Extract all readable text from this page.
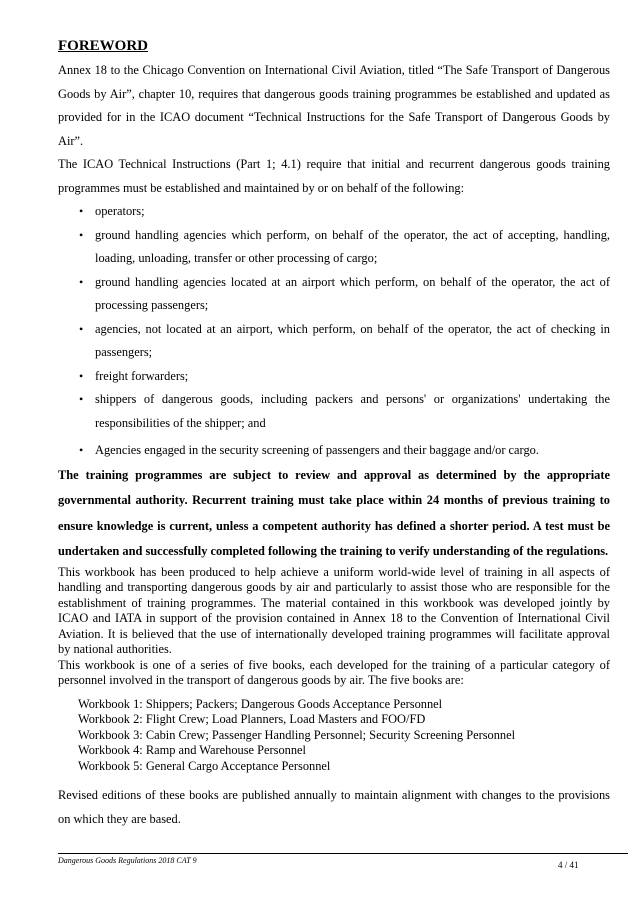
FOREWORD

Annex 18 to the Chicago Convention on International Civil Aviation, titled “The Safe Transport of Dangerous Goods by Air”, chapter 10, requires that dangerous goods training programmes be established and updated as provided for in the ICAO document “Technical Instructions for the Safe Transport of Dangerous Goods by Air”.

The ICAO Technical Instructions (Part 1; 4.1) require that initial and recurrent dangerous goods training programmes must be established and maintained by or on behalf of the following:

• operators;
• ground handling agencies which perform, on behalf of the operator, the act of accepting, handling, loading, unloading, transfer or other processing of cargo;
• ground handling agencies located at an airport which perform, on behalf of the operator, the act of processing passengers;
• agencies, not located at an airport, which perform, on behalf of the operator, the act of checking in passengers;
• freight forwarders;
• shippers of dangerous goods, including packers and persons' or organizations' undertaking the responsibilities of the shipper; and
• Agencies engaged in the security screening of passengers and their baggage and/or cargo.

The training programmes are subject to review and approval as determined by the appropriate governmental authority. Recurrent training must take place within 24 months of previous training to ensure knowledge is current, unless a competent authority has defined a shorter period. A test must be undertaken and successfully completed following the training to verify understanding of the regulations.

This workbook has been produced to help achieve a uniform world-wide level of training in all aspects of handling and transporting dangerous goods by air and particularly to assist those who are responsible for the establishment of training programmes. The material contained in this workbook was developed jointly by ICAO and IATA in support of the provision contained in Annex 18 to the Convention of International Civil Aviation. It is believed that the use of internationally developed training programmes will facilitate approval by national authorities.

This workbook is one of a series of five books, each developed for the training of a particular category of personnel involved in the transport of dangerous goods by air. The five books are:

Workbook 1: Shippers; Packers; Dangerous Goods Acceptance Personnel
Workbook 2: Flight Crew; Load Planners, Load Masters and FOO/FD
Workbook 3: Cabin Crew; Passenger Handling Personnel; Security Screening Personnel
Workbook 4: Ramp and Warehouse Personnel
Workbook 5: General Cargo Acceptance Personnel

Revised editions of these books are published annually to maintain alignment with changes to the provisions on which they are based.

Dangerous Goods Regulations 2018 CAT 9	4 / 41
